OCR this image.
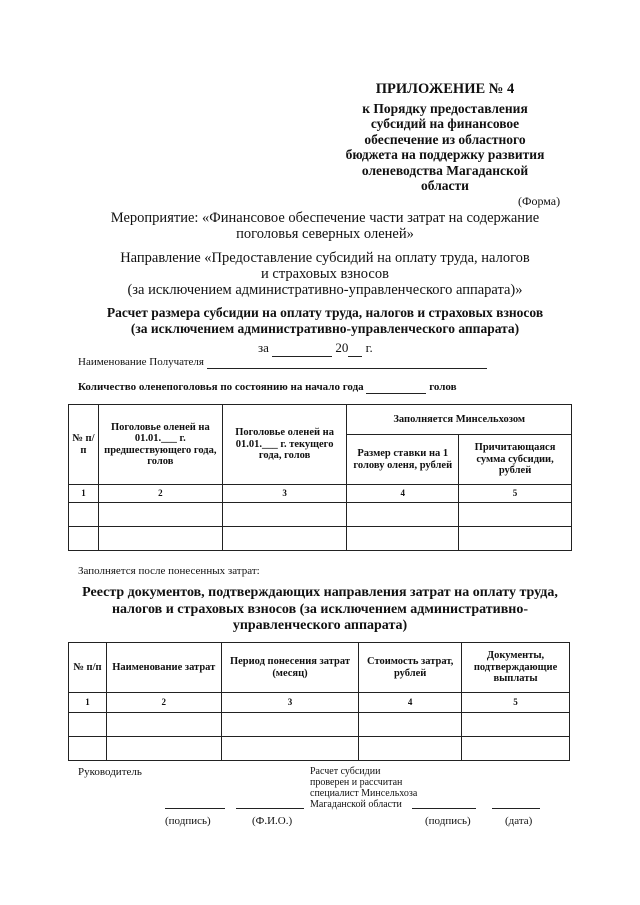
ПРИЛОЖЕНИЕ № 4
к Порядку предоставления
субсидий на финансовое
обеспечение из областного
бюджета на поддержку развития
оленеводства Магаданской
области
(Форма)
Мероприятие: «Финансовое обеспечение части затрат на содержание
поголовья северных оленей»
Направление «Предоставление субсидий на оплату труда, налогов
и страховых взносов
(за исключением административно-управленческого аппарата)»
Расчет размера субсидии на оплату труда, налогов и страховых взносов
(за исключением административно-управленческого аппарата)
за	20 г.
Наименование Получателя
Количество оленепоголовья по состоянию на начало года	голов
№ п/п	Поголовье оленей на 01.01.___ г. предшествующего года, голов	Поголовье оленей на 01.01.___ г. текущего года, голов	Заполняется Минсельхозом	
			Размер ставки на 1 голову оленя, рублей	Причитающаяся сумма субсидии, рублей
1	2	3	4	5

Заполняется после понесенных затрат:
Реестр документов, подтверждающих направления затрат на оплату труда,
налогов и страховых взносов (за исключением административно-
управленческого аппарата)
№ п/п	Наименование затрат	Период понесения затрат (месяц)	Стоимость затрат, рублей	Документы, подтверждающие выплаты
1	2	3	4	5

Руководитель	Расчет субсидии
проверен и рассчитан
специалист Минсельхоза
Магаданской области
(подпись)	(Ф.И.О.)	(подпись)	(дата)
